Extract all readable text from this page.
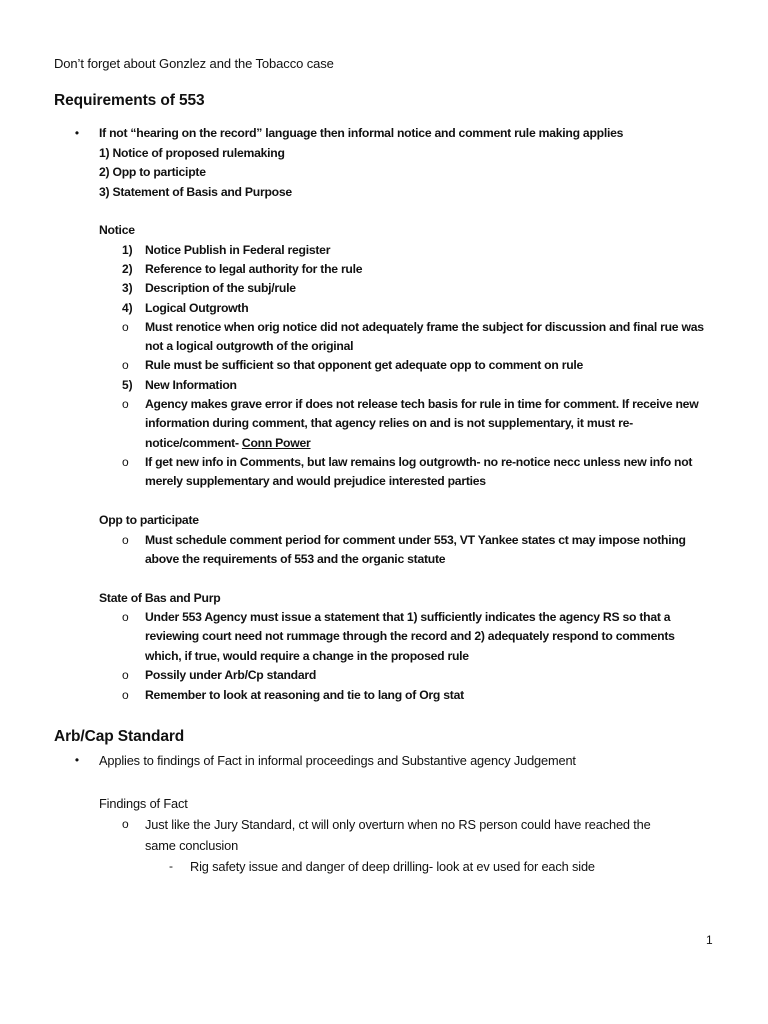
Don’t forget about Gonzlez and the Tobacco case
Requirements of 553
• If not “hearing on the record” language then informal notice and comment rule making applies
1) Notice of proposed rulemaking
2) Opp to participte
3) Statement of Basis and Purpose
Notice
1) Notice Publish in Federal register
2) Reference to legal authority for the rule
3) Description of the subj/rule
4) Logical Outgrowth
o Must renotice when orig notice did not adequately frame the subject for discussion and final rue was
not a logical outgrowth of the original
o Rule must be sufficient so that opponent get adequate opp to comment on rule
5) New Information
o Agency makes grave error if does not release tech basis for rule in time for comment. If receive new
information during comment, that agency relies on and is not supplementary, it must re-
notice/comment- Conn Power
o If get new info in Comments, but law remains log outgrowth- no re-notice necc unless new info not
merely supplementary and would prejudice interested parties
Opp to participate
o Must schedule comment period for comment under 553, VT Yankee states ct may impose nothing
above the requirements of 553 and the organic statute
State of Bas and Purp
o Under 553 Agency must issue a statement that 1) sufficiently indicates the agency RS so that a
reviewing court need not rummage through the record and 2) adequately respond to comments
which, if true, would require a change in the proposed rule
o Possily under Arb/Cp standard
o Remember to look at reasoning and tie to lang of Org stat
Arb/Cap Standard
• Applies to findings of Fact in informal proceedings and Substantive agency Judgement
Findings of Fact
o Just like the Jury Standard, ct will only overturn when no RS person could have reached the
same conclusion
- Rig safety issue and danger of deep drilling- look at ev used for each side
1
